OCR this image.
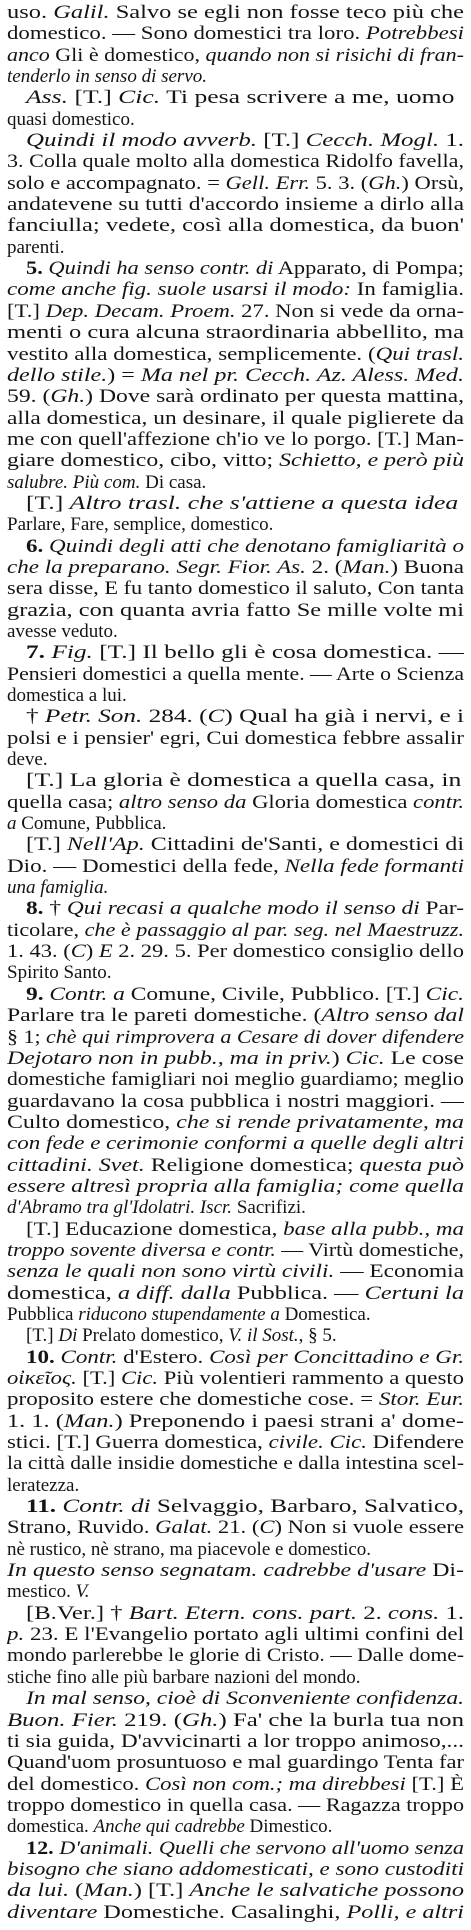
uso. Galil. Salvo se egli non fosse teco più che
domestico. — Sono domestici tra loro. Potrebbesi
anco Gli è domestico, quando non si risichi di fran-
tenderlo in senso di servo.
Ass. [T.] Cic. Ti pesa scrivere a me, uomo
quasi domestico.
Quindi il modo avverb. [T.] Cecch. Mogl. 1.
3. Colla quale molto alla domestica Ridolfo favella,
solo e accompagnato. = Gell. Err. 5. 3. (Gh.) Orsù,
andatevene su tutti d'accordo insieme a dirlo alla
fanciulla; vedete, così alla domestica, da buon'
parenti.
5. Quindi ha senso contr. di Apparato, di Pompa;
come anche fig. suole usarsi il modo: In famiglia.
[T.] Dep. Decam. Proem. 27. Non si vede da orna-
menti o cura alcuna straordinaria abbellito, ma
vestito alla domestica, semplicemente. (Qui trasl.
dello stile.) = Ma nel pr. Cecch. Az. Aless. Med.
59. (Gh.) Dove sarà ordinato per questa mattina,
alla domestica, un desinare, il quale piglierete da
me con quell'affezione ch'io ve lo porgo. [T.] Man-
giare domestico, cibo, vitto; Schietto, e però più
salubre. Più com. Di casa.
[T.] Altro trasl. che s'attiene a questa idea
Parlare, Fare, semplice, domestico.
6. Quindi degli atti che denotano famigliarità o
che la preparano. Segr. Fior. As. 2. (Man.) Buona
sera disse, E fu tanto domestico il saluto, Con tanta
grazia, con quanta avria fatto Se mille volte mi
avesse veduto.
7. Fig. [T.] Il bello gli è cosa domestica. —
Pensieri domestici a quella mente. — Arte o Scienza
domestica a lui.
† Petr. Son. 284. (C) Qual ha già i nervi, e i
polsi e i pensier' egri, Cui domestica febbre assalir
deve.
[T.] La gloria è domestica a quella casa, in
quella casa; altro senso da Gloria domestica contr.
a Comune, Pubblica.
[T.] Nell'Ap. Cittadini de'Santi, e domestici di
Dio. — Domestici della fede, Nella fede formanti
una famiglia.
8. † Qui recasi a qualche modo il senso di Par-
ticolare, che è passaggio al par. seg. nel Maestruzz.
1. 43. (C) E 2. 29. 5. Per domestico consiglio dello
Spirito Santo.
9. Contr. a Comune, Civile, Pubblico. [T.] Cic.
Parlare tra le pareti domestiche. (Altro senso dal
§ 1; chè qui rimprovera a Cesare di dover difendere
Dejotaro non in pubb., ma in priv.) Cic. Le cose
domestiche famigliari noi meglio guardiamo; meglio
guardavano la cosa pubblica i nostri maggiori. —
Culto domestico, che si rende privatamente, ma
con fede e cerimonie conformi a quelle degli altri
cittadini. Svet. Religione domestica; questa può
essere altresì propria alla famiglia; come quella
d'Abramo tra gl'Idolatri. Iscr. Sacrifizi.
[T.] Educazione domestica, base alla pubb., ma
troppo sovente diversa e contr. — Virtù domestiche,
senza le quali non sono virtù civili. — Economia
domestica, a diff. dalla Pubblica. — Certuni la
Pubblica riducono stupendamente a Domestica.
[T.] Di Prelato domestico, V. il Sost., § 5.
10. Contr. d'Estero. Così per Concittadino e Gr.
οἰκεῖος. [T.] Cic. Più volentieri rammento a questo
proposito estere che domestiche cose. = Stor. Eur.
1. 1. (Man.) Preponendo i paesi strani a' dome-
stici. [T.] Guerra domestica, civile. Cic. Difendere
la città dalle insidie domestiche e dalla intestina scel-
leratezza.
11. Contr. di Selvaggio, Barbaro, Salvatico,
Strano, Ruvido. Galat. 21. (C) Non si vuole essere
nè rustico, nè strano, ma piacevole e domestico.
In questo senso segnatam. cadrebbe d'usare Di-
mestico. V.
[B.Ver.] † Bart. Etern. cons. part. 2. cons. 1.
p. 23. E l'Evangelio portato agli ultimi confini del
mondo parlerebbe le glorie di Cristo. — Dalle dome-
stiche fino alle più barbare nazioni del mondo.
In mal senso, cioè di Sconveniente confidenza.
Buon. Fier. 219. (Gh.) Fa' che la burla tua non
ti sia guida, D'avvicinarti a lor troppo animoso,...
Quand'uom prosuntuoso e mal guardingo Tenta far
del domestico. Così non com.; ma direbbesi [T.] È
troppo domestico in quella casa. — Ragazza troppo
domestica. Anche qui cadrebbe Dimestico.
12. D'animali. Quelli che servono all'uomo senza
bisogno che siano addomesticati, e sono custoditi
da lui. (Man.) [T.] Anche le salvatiche possono
diventare Domestiche. Casalinghi, Polli, e altri
